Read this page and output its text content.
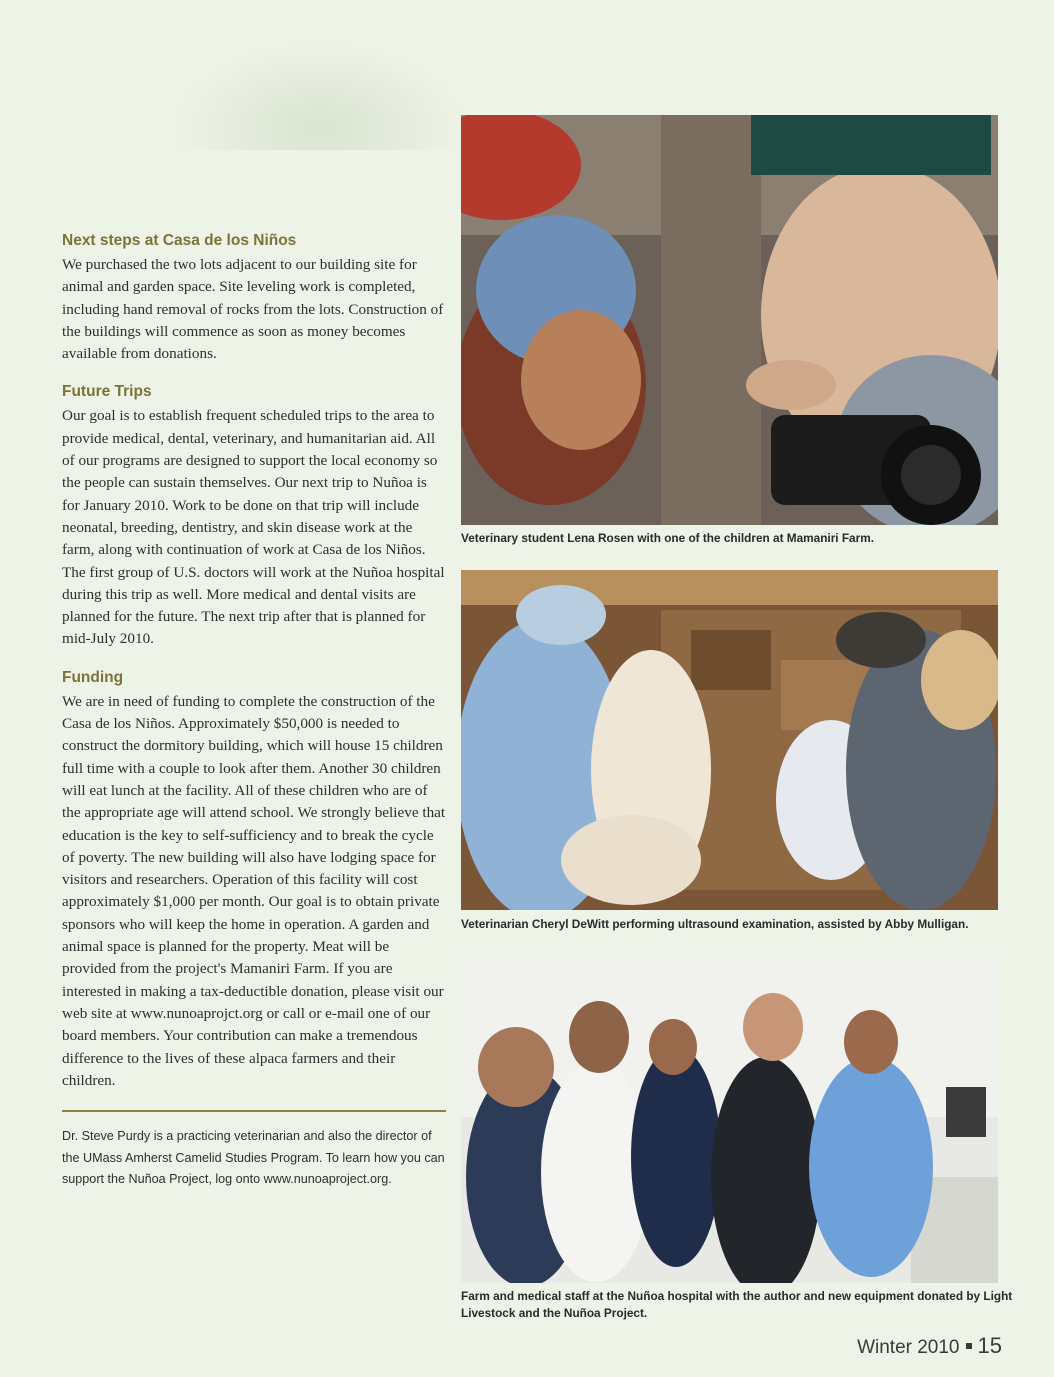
Next steps at Casa de los Niños

We purchased the two lots adjacent to our building site for animal and garden space. Site leveling work is completed, including hand removal of rocks from the lots. Construction of the buildings will commence as soon as money becomes available from donations.

Future Trips

Our goal is to establish frequent scheduled trips to the area to provide medical, dental, veterinary, and humanitarian aid. All of our programs are designed to support the local economy so the people can sustain themselves. Our next trip to Nuñoa is for January 2010. Work to be done on that trip will include neonatal, breeding, dentistry, and skin disease work at the farm, along with continuation of work at Casa de los Niños. The first group of U.S. doctors will work at the Nuñoa hospital during this trip as well. More medical and dental visits are planned for the future. The next trip after that is planned for mid-July 2010.

Funding

We are in need of funding to complete the construction of the Casa de los Niños. Approximately $50,000 is needed to construct the dormitory building, which will house 15 children full time with a couple to look after them. Another 30 children will eat lunch at the facility. All of these children who are of the appropriate age will attend school. We strongly believe that education is the key to self-sufficiency and to break the cycle of poverty. The new building will also have lodging space for visitors and researchers. Operation of this facility will cost approximately $1,000 per month. Our goal is to obtain private sponsors who will keep the home in operation. A garden and animal space is planned for the property. Meat will be provided from the project's Mamaniri Farm. If you are interested in making a tax-deductible donation, please visit our web site at www.nunoaprojct.org or call or e-mail one of our board members. Your contribution can make a tremendous difference to the lives of these alpaca farmers and their children.

Dr. Steve Purdy is a practicing veterinarian and also the director of the UMass Amherst Camelid Studies Program. To learn how you can support the Nuñoa Project, log onto www.nunoaproject.org.

Veterinary student Lena Rosen with one of the children at Mamaniri Farm.
Veterinarian Cheryl DeWitt performing ultrasound examination, assisted by Abby Mulligan.
Farm and medical staff at the Nuñoa hospital with the author and new equipment donated by Light Livestock and the Nuñoa Project.
Winter 2010 15
